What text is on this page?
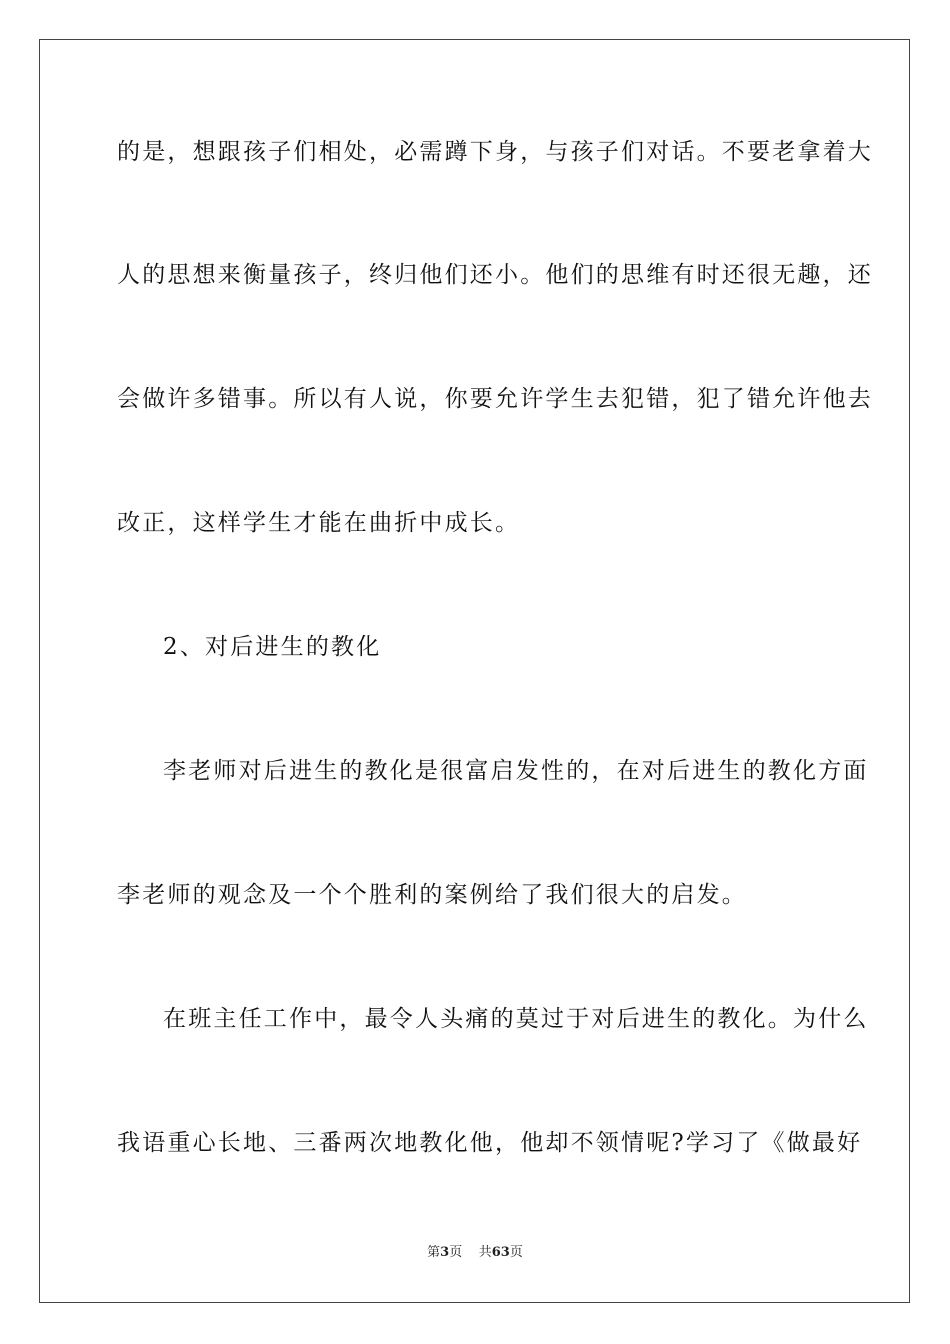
的是，想跟孩子们相处，必需蹲下身，与孩子们对话。不要老拿着大
人的思想来衡量孩子，终归他们还小。他们的思维有时还很无趣，还
会做许多错事。所以有人说，你要允许学生去犯错，犯了错允许他去
改正，这样学生才能在曲折中成长。
2、对后进生的教化
李老师对后进生的教化是很富启发性的，在对后进生的教化方面
李老师的观念及一个个胜利的案例给了我们很大的启发。
在班主任工作中，最令人头痛的莫过于对后进生的教化。为什么
我语重心长地、三番两次地教化他，他却不领情呢?学习了《做最好
第3页 共63页
